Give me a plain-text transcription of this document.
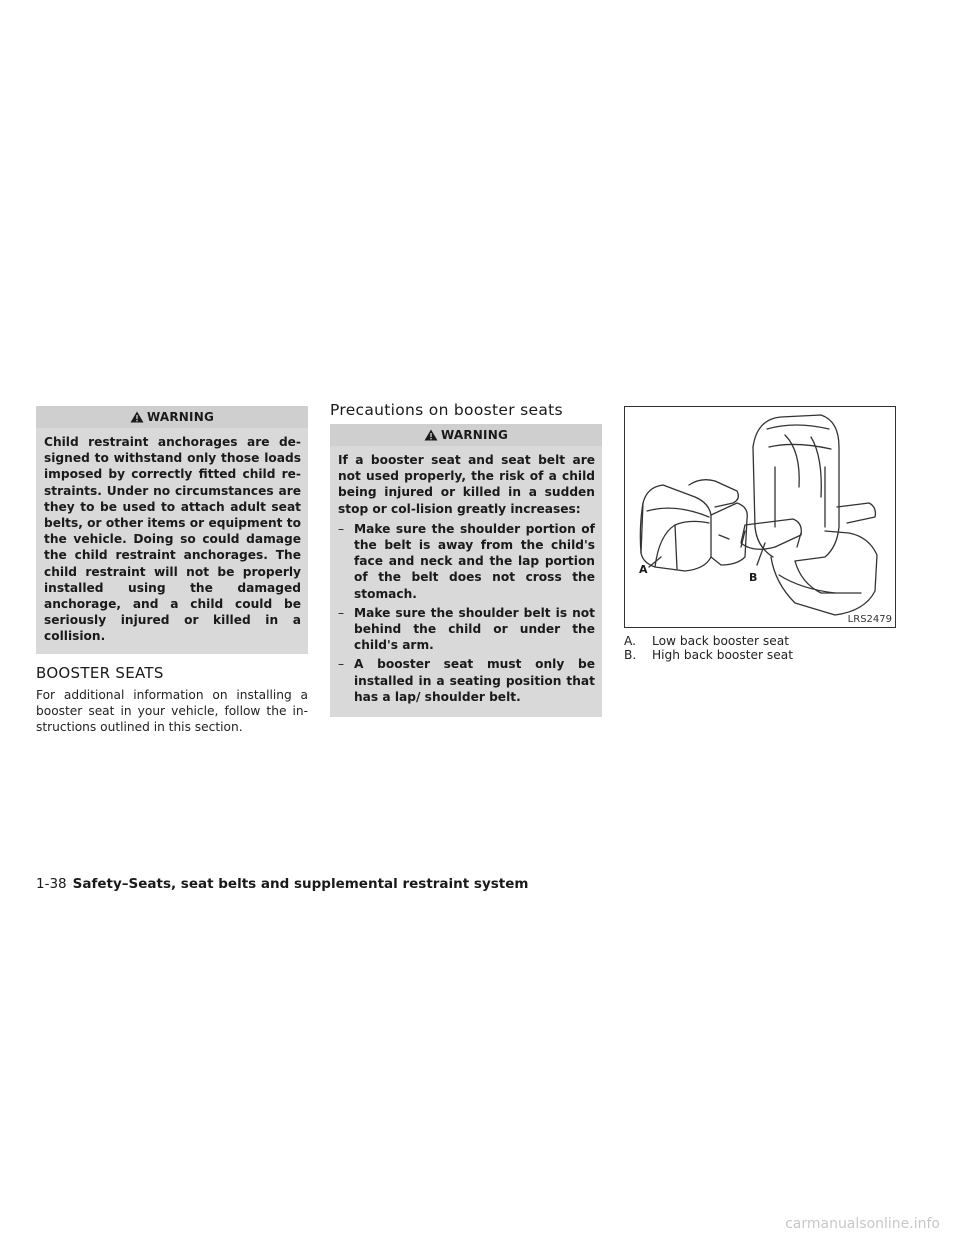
WARNING

Child restraint anchorages are de-signed to withstand only those loads imposed by correctly fitted child re-straints. Under no circumstances are they to be used to attach adult seat belts, or other items or equipment to the vehicle. Doing so could damage the child restraint anchorages. The child restraint will not be properly installed using the damaged anchorage, and a child could be seriously injured or killed in a collision.

BOOSTER SEATS
For additional information on installing a booster seat in your vehicle, follow the in-structions outlined in this section.
Precautions on booster seats
WARNING

If a booster seat and seat belt are not used properly, the risk of a child being injured or killed in a sudden stop or col-lision greatly increases:

– Make sure the shoulder portion of the belt is away from the child's face and neck and the lap portion of the belt does not cross the stomach.
– Make sure the shoulder belt is not behind the child or under the child's arm.
– A booster seat must only be installed in a seating position that has a lap/ shoulder belt.
A
B
LRS2479
A. Low back booster seat
B. High back booster seat
1-38 Safety–Seats, seat belts and supplemental restraint system
carmanualsonline.info
